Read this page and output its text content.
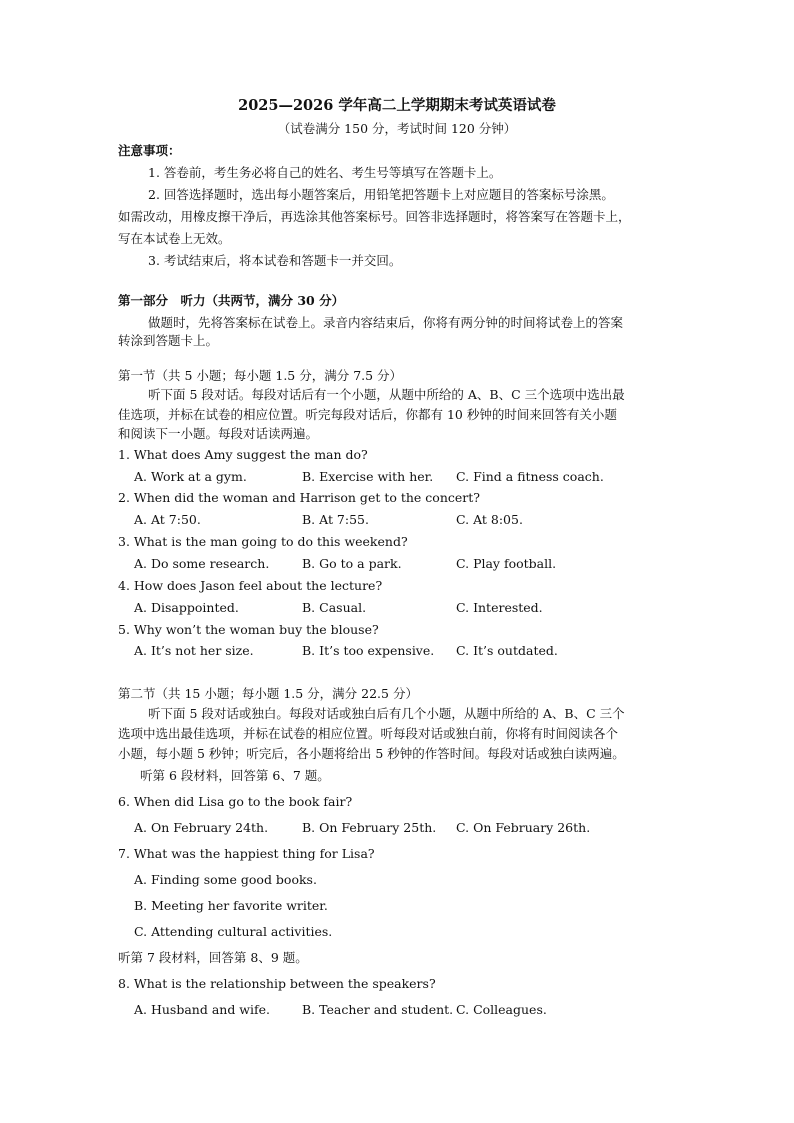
2025—2026 学年高二上学期期末考试英语试卷
（试卷满分 150 分，考试时间 120 分钟）
注意事项：
1. 答卷前，考生务必将自己的姓名、考生号等填写在答题卡上。
2. 回答选择题时，选出每小题答案后，用铅笔把答题卡上对应题目的答案标号涂黑。
如需改动，用橡皮擦干净后，再选涂其他答案标号。回答非选择题时，将答案写在答题卡上，
写在本试卷上无效。
3. 考试结束后，将本试卷和答题卡一并交回。
第一部分　听力（共两节，满分 30 分）
做题时，先将答案标在试卷上。录音内容结束后，你将有两分钟的时间将试卷上的答案
转涂到答题卡上。
第一节（共 5 小题；每小题 1.5 分，满分 7.5 分）
听下面 5 段对话。每段对话后有一个小题，从题中所给的 A、B、C 三个选项中选出最
佳选项，并标在试卷的相应位置。听完每段对话后，你都有 10 秒钟的时间来回答有关小题
和阅读下一小题。每段对话读两遍。
1. What does Amy suggest the man do?
A. Work at a gym.	B. Exercise with her. C. Find a fitness coach.
2. When did the woman and Harrison get to the concert?
A. At 7:50.	B. At 7:55.	C. At 8:05.
3. What is the man going to do this weekend?
A. Do some research.	B. Go to a park.	C. Play football.
4. How does Jason feel about the lecture?
A. Disappointed.	B. Casual.	C. Interested.
5. Why won’t the woman buy the blouse?
A. It’s not her size.	B. It’s too expensive. C. It’s outdated.
第二节（共 15 小题；每小题 1.5 分，满分 22.5 分）
听下面 5 段对话或独白。每段对话或独白后有几个小题，从题中所给的 A、B、C 三个
选项中选出最佳选项，并标在试卷的相应位置。听每段对话或独白前，你将有时间阅读各个
小题，每小题 5 秒钟；听完后，各小题将给出 5 秒钟的作答时间。每段对话或独白读两遍。
听第 6 段材料，回答第 6、7 题。
6. When did Lisa go to the book fair?
A. On February 24th.	B. On February 25th. C. On February 26th.
7. What was the happiest thing for Lisa?
A. Finding some good books.
B. Meeting her favorite writer.
C. Attending cultural activities.
听第 7 段材料，回答第 8、9 题。
8. What is the relationship between the speakers?
A. Husband and wife.	B. Teacher and student. C. Colleagues.
